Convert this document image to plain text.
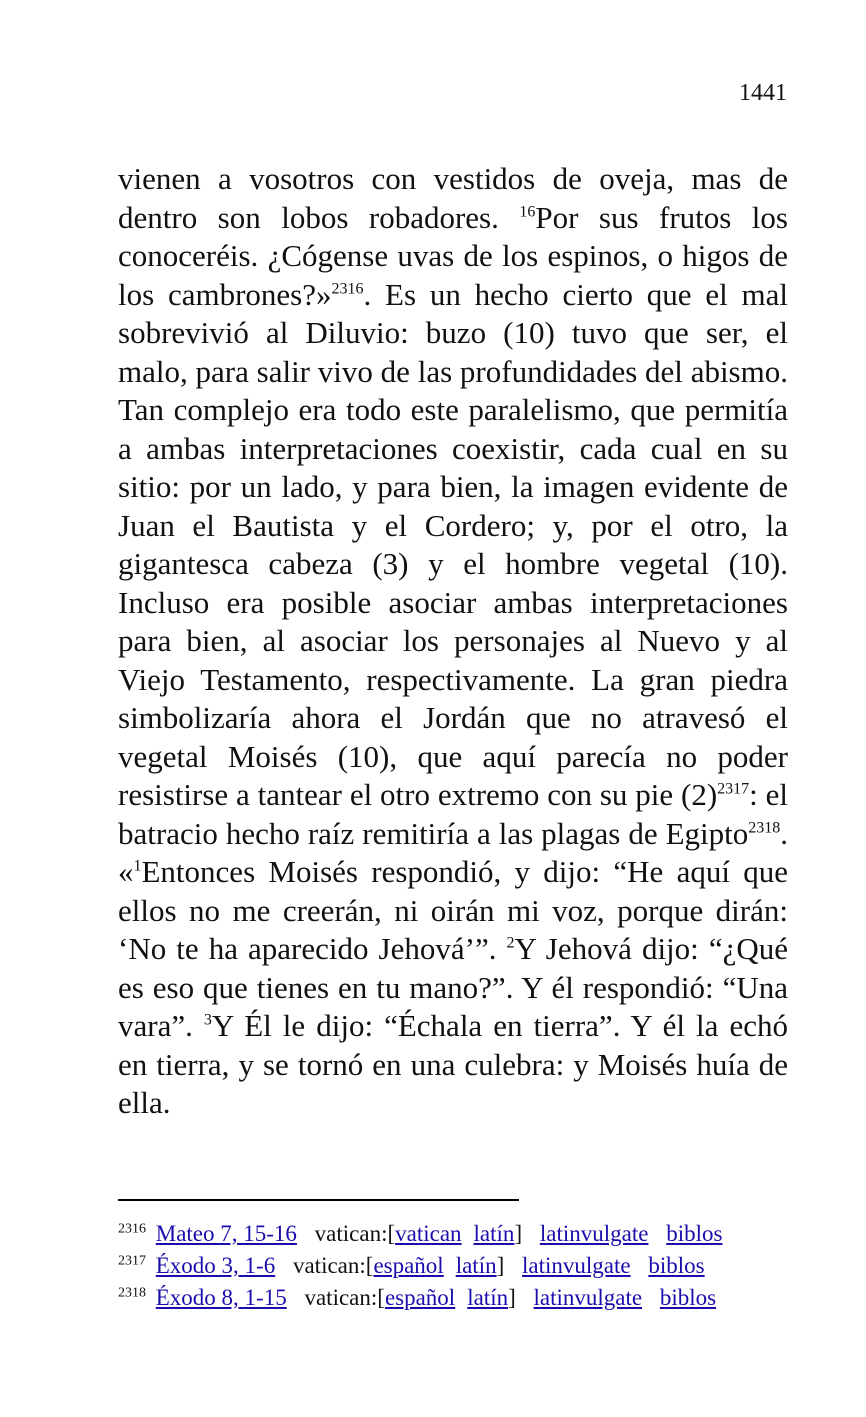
1441
vienen a vosotros con vestidos de oveja, mas de dentro son lobos robadores. $^{16}$Por sus frutos los conoceréis. ¿Cógense uvas de los espinos, o higos de los cambrones?»$^{2316}$. Es un hecho cierto que el mal sobrevivió al Diluvio: buzo (10) tuvo que ser, el malo, para salir vivo de las profundidades del abismo. Tan complejo era todo este paralelismo, que permitía a ambas interpretaciones coexistir, cada cual en su sitio: por un lado, y para bien, la imagen evidente de Juan el Bautista y el Cordero; y, por el otro, la gigantesca cabeza (3) y el hombre vegetal (10). Incluso era posible asociar ambas interpretaciones para bien, al asociar los personajes al Nuevo y al Viejo Testamento, respectivamente. La gran piedra simbolizaría ahora el Jordán que no atravesó el vegetal Moisés (10), que aquí parecía no poder resistirse a tantear el otro extremo con su pie $(2)^{2317}$: el batracio hecho raíz remitiría a las plagas de Egipto$^{2318}$. «$^1$Entonces Moisés respondió, y dijo: “He aquí que ellos no me creerán, ni oirán mi voz, porque dirán: ‘No te ha aparecido Jehová’”. $^2$Y Jehová dijo: “¿Qué es eso que tienes en tu mano?”. Y él respondió: “Una vara”. $^3$Y Él le dijo: “Échala en tierra”. Y él la echó en tierra, y se tornó en una culebra: y Moisés huía de ella.
$^{2316}$ Mateo 7, 15-16 vatican:[vatican latín] latinvulgate biblos
$^{2317}$ Éxodo 3, 1-6 vatican:[español latín] latinvulgate biblos
$^{2318}$ Éxodo 8, 1-15 vatican:[español latín] latinvulgate biblos
